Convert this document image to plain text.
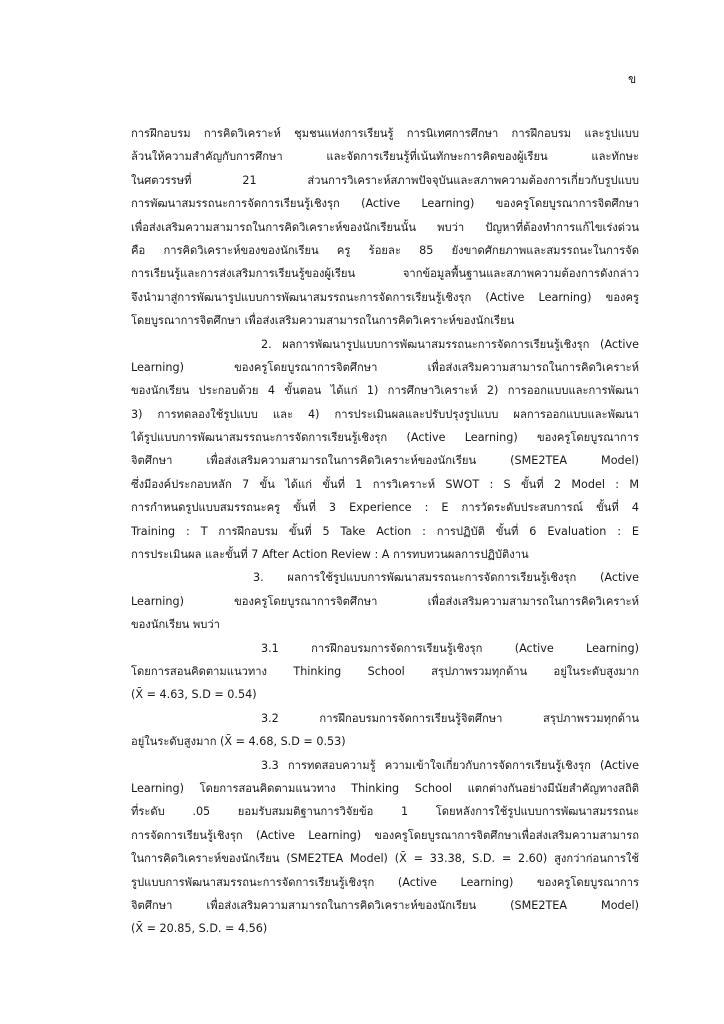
ข
การฝึกอบรม การคิดวิเคราะห์ ชุมชนแห่งการเรียนรู้ การนิเทศการศึกษา การฝึกอบรม และรูปแบบ
ล้วนให้ความสำคัญกับการศึกษา และจัดการเรียนรู้ที่เน้นทักษะการคิดของผู้เรียน และทักษะ
ในศตวรรษที่ 21 ส่วนการวิเคราะห์สภาพปัจจุบันและสภาพความต้องการเกี่ยวกับรูปแบบ
การพัฒนาสมรรถนะการจัดการเรียนรู้เชิงรุก (Active Learning) ของครูโดยบูรณาการจิตศึกษา
เพื่อส่งเสริมความสามารถในการคิดวิเคราะห์ของนักเรียนนั้น พบว่า ปัญหาที่ต้องทำการแก้ไขเร่งด่วน
คือ การคิดวิเคราะห์ของของนักเรียน ครู ร้อยละ 85 ยังขาดศักยภาพและสมรรถนะในการจัด
การเรียนรู้และการส่งเสริมการเรียนรู้ของผู้เรียน จากข้อมูลพื้นฐานและสภาพความต้องการดังกล่าว
จึงนำมาสู่การพัฒนารูปแบบการพัฒนาสมรรถนะการจัดการเรียนรู้เชิงรุก (Active Learning) ของครู
โดยบูรณาการจิตศึกษา เพื่อส่งเสริมความสามารถในการคิดวิเคราะห์ของนักเรียน
2. ผลการพัฒนารูปแบบการพัฒนาสมรรถนะการจัดการเรียนรู้เชิงรุก (Active
Learning) ของครูโดยบูรณาการจิตศึกษา เพื่อส่งเสริมความสามารถในการคิดวิเคราะห์
ของนักเรียน ประกอบด้วย 4 ขั้นตอน ได้แก่ 1) การศึกษาวิเคราะห์ 2) การออกแบบและการพัฒนา
3) การทดลองใช้รูปแบบ และ 4) การประเมินผลและปรับปรุงรูปแบบ ผลการออกแบบและพัฒนา
ได้รูปแบบการพัฒนาสมรรถนะการจัดการเรียนรู้เชิงรุก (Active Learning) ของครูโดยบูรณาการ
จิตศึกษา เพื่อส่งเสริมความสามารถในการคิดวิเคราะห์ของนักเรียน (SME2TEA Model)
ซึ่งมีองค์ประกอบหลัก 7 ขั้น ได้แก่ ขั้นที่ 1 การวิเคราะห์ SWOT : S ขั้นที่ 2 Model : M
การกำหนดรูปแบบสมรรถนะครู ขั้นที่ 3 Experience : E การวัดระดับประสบการณ์ ขั้นที่ 4
Training : T การฝึกอบรม ขั้นที่ 5 Take Action : การปฏิบัติ ขั้นที่ 6 Evaluation : E
การประเมินผล และขั้นที่ 7 After Action Review : A การทบทวนผลการปฏิบัติงาน
3. ผลการใช้รูปแบบการพัฒนาสมรรถนะการจัดการเรียนรู้เชิงรุก (Active
Learning) ของครูโดยบูรณาการจิตศึกษา เพื่อส่งเสริมความสามารถในการคิดวิเคราะห์
ของนักเรียน พบว่า
3.1 การฝึกอบรมการจัดการเรียนรู้เชิงรุก (Active Learning)
โดยการสอนคิดตามแนวทาง Thinking School สรุปภาพรวมทุกด้าน อยู่ในระดับสูงมาก
(X̄ = 4.63, S.D = 0.54)
3.2 การฝึกอบรมการจัดการเรียนรู้จิตศึกษา สรุปภาพรวมทุกด้าน
อยู่ในระดับสูงมาก (X̄ = 4.68, S.D = 0.53)
3.3 การทดสอบความรู้ ความเข้าใจเกี่ยวกับการจัดการเรียนรู้เชิงรุก (Active
Learning) โดยการสอนคิดตามแนวทาง Thinking School แตกต่างกันอย่างมีนัยสำคัญทางสถิติ
ที่ระดับ .05 ยอมรับสมมติฐานการวิจัยข้อ 1 โดยหลังการใช้รูปแบบการพัฒนาสมรรถนะ
การจัดการเรียนรู้เชิงรุก (Active Learning) ของครูโดยบูรณาการจิตศึกษาเพื่อส่งเสริมความสามารถ
ในการคิดวิเคราะห์ของนักเรียน (SME2TEA Model) (X̄ = 33.38, S.D. = 2.60) สูงกว่าก่อนการใช้
รูปแบบการพัฒนาสมรรถนะการจัดการเรียนรู้เชิงรุก (Active Learning) ของครูโดยบูรณาการ
จิตศึกษา เพื่อส่งเสริมความสามารถในการคิดวิเคราะห์ของนักเรียน (SME2TEA Model)
(X̄ = 20.85, S.D. = 4.56)
